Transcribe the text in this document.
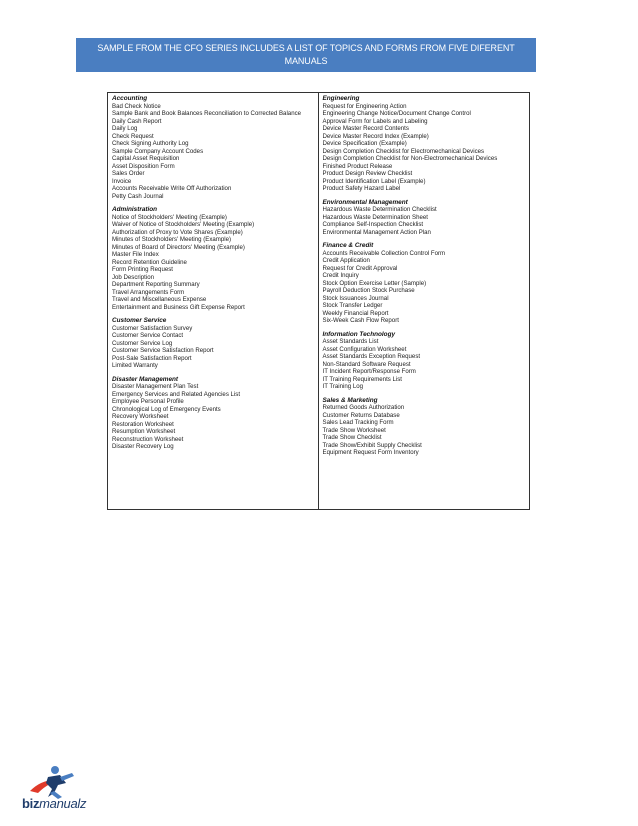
SAMPLE FROM THE CFO SERIES INCLUDES A LIST OF TOPICS AND FORMS FROM FIVE DIFERENT MANUALS
Accounting
Bad Check Notice
Sample Bank and Book Balances Reconciliation to Corrected Balance
Daily Cash Report
Daily Log
Check Request
Check Signing Authority Log
Sample Company Account Codes
Capital Asset Requisition
Asset Disposition Form
Sales Order
Invoice
Accounts Receivable Write Off Authorization
Petty Cash Journal
Administration
Notice of Stockholders' Meeting (Example)
Waiver of Notice of Stockholders' Meeting (Example)
Authorization of Proxy to Vote Shares (Example)
Minutes of Stockholders' Meeting (Example)
Minutes of Board of Directors' Meeting (Example)
Master File Index
Record Retention Guideline
Form Printing Request
Job Description
Department Reporting Summary
Travel Arrangements Form
Travel and Miscellaneous Expense
Entertainment and Business Gift Expense Report
Customer Service
Customer Satisfaction Survey
Customer Service Contact
Customer Service Log
Customer Service Satisfaction Report
Post-Sale Satisfaction Report
Limited Warranty
Disaster Management
Disaster Management Plan Test
Emergency Services and Related Agencies List
Employee Personal Profile
Chronological Log of Emergency Events
Recovery Worksheet
Restoration Worksheet
Resumption Worksheet
Reconstruction Worksheet
Disaster Recovery Log
Engineering
Request for Engineering Action
Engineering Change Notice/Document Change Control
Approval Form for Labels and Labeling
Device Master Record Contents
Device Master Record Index (Example)
Device Specification (Example)
Design Completion Checklist for Electromechanical Devices
Design Completion Checklist for Non-Electromechanical Devices
Finished Product Release
Product Design Review Checklist
Product Identification Label (Example)
Product Safety Hazard Label
Environmental Management
Hazardous Waste Determination Checklist
Hazardous Waste Determination Sheet
Compliance Self-Inspection Checklist
Environmental Management Action Plan
Finance & Credit
Accounts Receivable Collection Control Form
Credit Application
Request for Credit Approval
Credit Inquiry
Stock Option Exercise Letter (Sample)
Payroll Deduction Stock Purchase
Stock Issuances Journal
Stock Transfer Ledger
Weekly Financial Report
Six-Week Cash Flow Report
Information Technology
Asset Standards List
Asset Configuration Worksheet
Asset Standards Exception Request
Non-Standard Software Request
IT Incident Report/Response Form
IT Training Requirements List
IT Training Log
Sales & Marketing
Returned Goods Authorization
Customer Returns Database
Sales Lead Tracking Form
Trade Show Worksheet
Trade Show Checklist
Trade Show/Exhibit Supply Checklist
Equipment Request Form Inventory
bizmanualz
